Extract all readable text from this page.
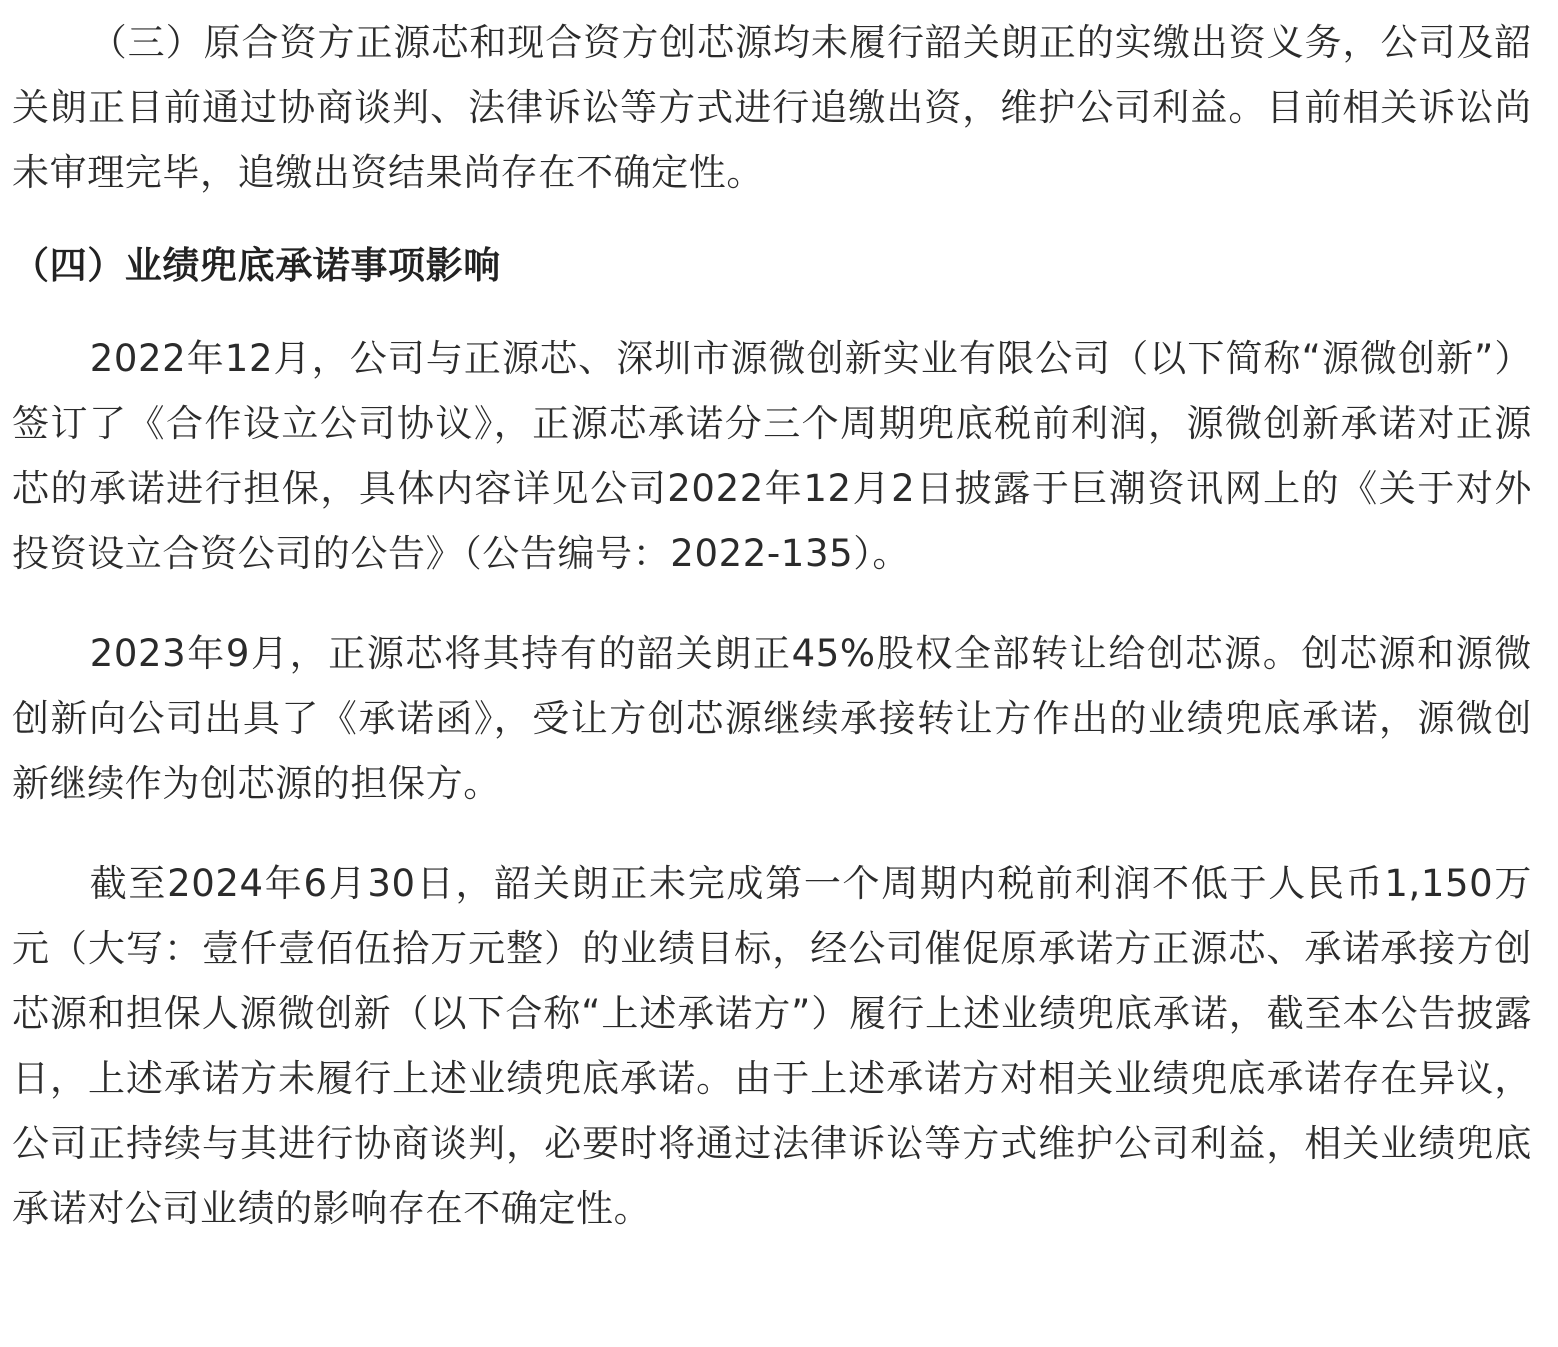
（三）原合资方正源芯和现合资方创芯源均未履行韶关朗正的实缴出资义务，公司及韶关朗正目前通过协商谈判、法律诉讼等方式进行追缴出资，维护公司利益。目前相关诉讼尚未审理完毕，追缴出资结果尚存在不确定性。

（四）业绩兜底承诺事项影响

2022年12月，公司与正源芯、深圳市源微创新实业有限公司（以下简称“源微创新”）签订了《合作设立公司协议》，正源芯承诺分三个周期兜底税前利润，源微创新承诺对正源芯的承诺进行担保，具体内容详见公司2022年12月2日披露于巨潮资讯网上的《关于对外投资设立合资公司的公告》（公告编号：2022-135）。

2023年9月，正源芯将其持有的韶关朗正45%股权全部转让给创芯源。创芯源和源微创新向公司出具了《承诺函》，受让方创芯源继续承接转让方作出的业绩兜底承诺，源微创新继续作为创芯源的担保方。

截至2024年6月30日，韶关朗正未完成第一个周期内税前利润不低于人民币1,150万元（大写：壹仟壹佰伍拾万元整）的业绩目标，经公司催促原承诺方正源芯、承诺承接方创芯源和担保人源微创新（以下合称“上述承诺方”）履行上述业绩兜底承诺，截至本公告披露日，上述承诺方未履行上述业绩兜底承诺。由于上述承诺方对相关业绩兜底承诺存在异议，公司正持续与其进行协商谈判，必要时将通过法律诉讼等方式维护公司利益，相关业绩兜底承诺对公司业绩的影响存在不确定性。
